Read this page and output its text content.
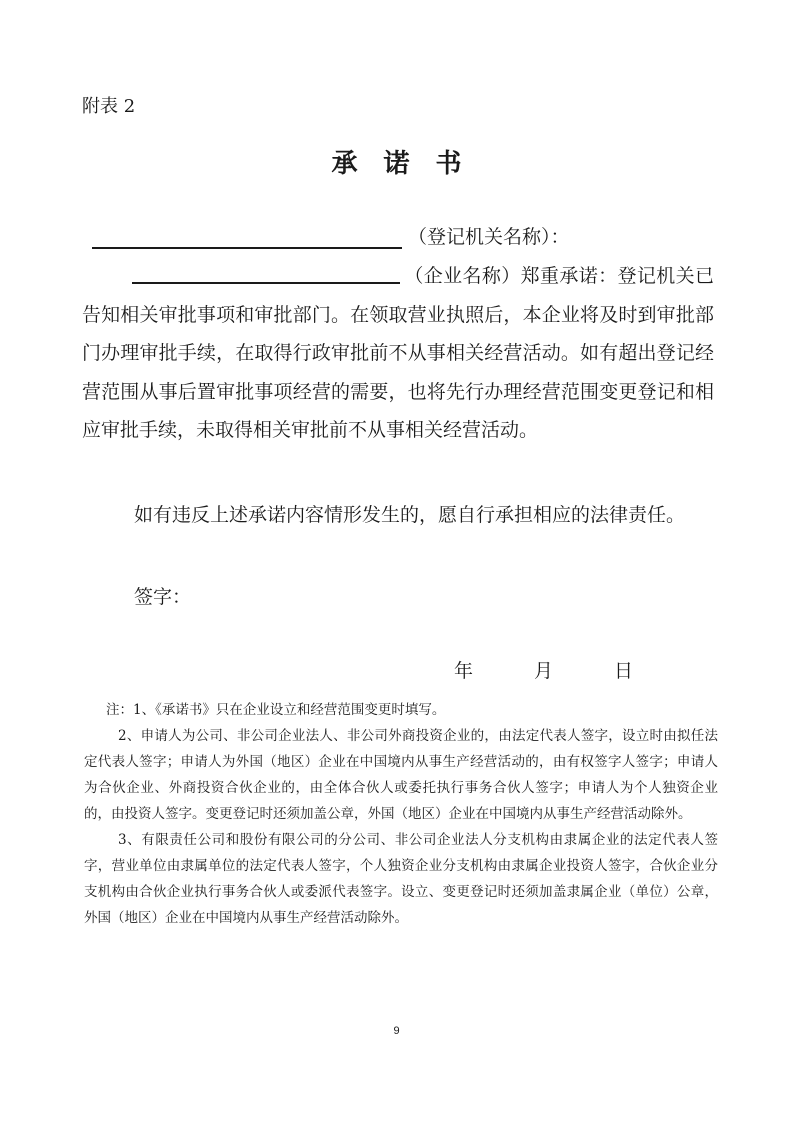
附表 2
承诺书
（登记机关名称）：
（企业名称）郑重承诺：登记机关已告知相关审批事项和审批部门。在领取营业执照后，本企业将及时到审批部门办理审批手续，在取得行政审批前不从事相关经营活动。如有超出登记经营范围从事后置审批事项经营的需要，也将先行办理经营范围变更登记和相应审批手续，未取得相关审批前不从事相关经营活动。
如有违反上述承诺内容情形发生的，愿自行承担相应的法律责任。
签字：
年	月	日

注：1、《承诺书》只在企业设立和经营范围变更时填写。

2、申请人为公司、非公司企业法人、非公司外商投资企业的，由法定代表人签字，设立时由拟任法定代表人签字；申请人为外国（地区）企业在中国境内从事生产经营活动的，由有权签字人签字；申请人为合伙企业、外商投资合伙企业的，由全体合伙人或委托执行事务合伙人签字；申请人为个人独资企业的，由投资人签字。变更登记时还须加盖公章，外国（地区）企业在中国境内从事生产经营活动除外。

3、有限责任公司和股份有限公司的分公司、非公司企业法人分支机构由隶属企业的法定代表人签字，营业单位由隶属单位的法定代表人签字，个人独资企业分支机构由隶属企业投资人签字，合伙企业分支机构由合伙企业执行事务合伙人或委派代表签字。设立、变更登记时还须加盖隶属企业（单位）公章，外国（地区）企业在中国境内从事生产经营活动除外。

9
